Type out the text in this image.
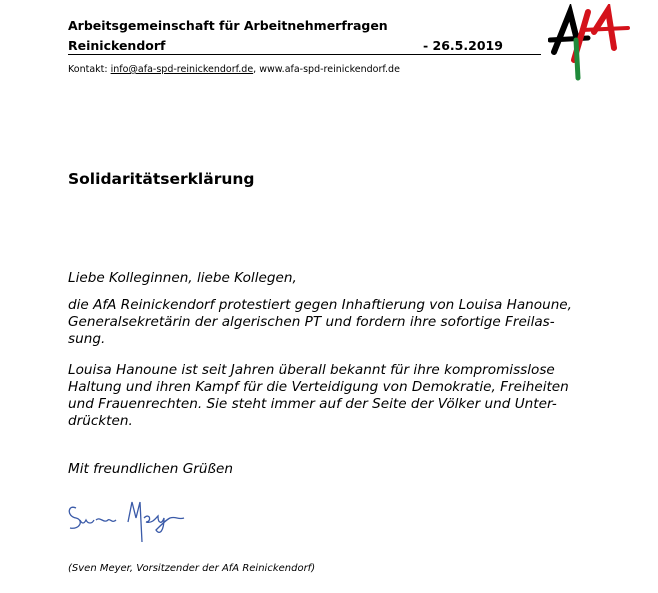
Arbeitsgemeinschaft für Arbeitnehmerfragen
Reinickendorf	- 26.5.2019
Kontakt: info@afa-spd-reinickendorf.de, www.afa-spd-reinickendorf.de
Solidaritätserklärung

Liebe Kolleginnen, liebe Kollegen,

die AfA Reinickendorf protestiert gegen Inhaftierung von Louisa Hanoune,

Generalsekretärin der algerischen PT und fordern ihre sofortige Freilas-

sung.

Louisa Hanoune ist seit Jahren überall bekannt für ihre kompromisslose

Haltung und ihren Kampf für die Verteidigung von Demokratie, Freiheiten

und Frauenrechten. Sie steht immer auf der Seite der Völker und Unter-

drückten.

Mit freundlichen Grüßen

(Sven Meyer, Vorsitzender der AfA Reinickendorf)
